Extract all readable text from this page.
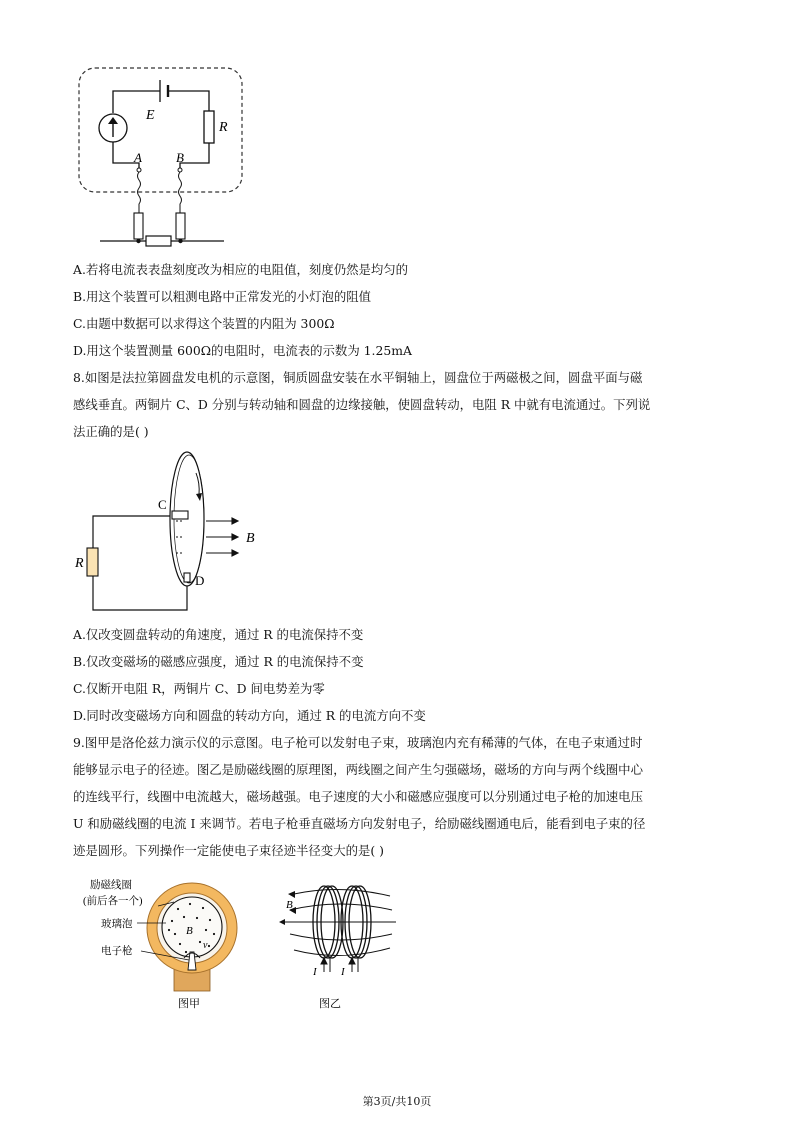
E
R
A	B
A.若将电流表表盘刻度改为相应的电阻值，刻度仍然是均匀的
B.用这个装置可以粗测电路中正常发光的小灯泡的阻值
C.由题中数据可以求得这个装置的内阻为 300Ω
D.用这个装置测量 600Ω的电阻时，电流表的示数为 1.25mA
8.如图是法拉第圆盘发电机的示意图，铜质圆盘安装在水平铜轴上，圆盘位于两磁极之间，圆盘平面与磁
感线垂直。两铜片 C、D 分别与转动轴和圆盘的边缘接触，使圆盘转动，电阻 R 中就有电流通过。下列说
法正确的是( )
R
C
D
B
A.仅改变圆盘转动的角速度，通过 R 的电流保持不变
B.仅改变磁场的磁感应强度，通过 R 的电流保持不变
C.仅断开电阻 R，两铜片 C、D 间电势差为零
D.同时改变磁场方向和圆盘的转动方向，通过 R 的电流方向不变
9.图甲是洛伦兹力演示仪的示意图。电子枪可以发射电子束，玻璃泡内充有稀薄的气体，在电子束通过时
能够显示电子的径迹。图乙是励磁线圈的原理图，两线圈之间产生匀强磁场，磁场的方向与两个线圈中心
的连线平行，线圈中电流越大，磁场越强。电子速度的大小和磁感应强度可以分别通过电子枪的加速电压
U 和励磁线圈的电流 I 来调节。若电子枪垂直磁场方向发射电子，给励磁线圈通电后，能看到电子束的径
迹是圆形。下列操作一定能使电子束径迹半径变大的是( )
B
v
励磁线圈
(前后各一个)
玻璃泡
电子枪
图甲
B
I I
图乙
第3页/共10页
